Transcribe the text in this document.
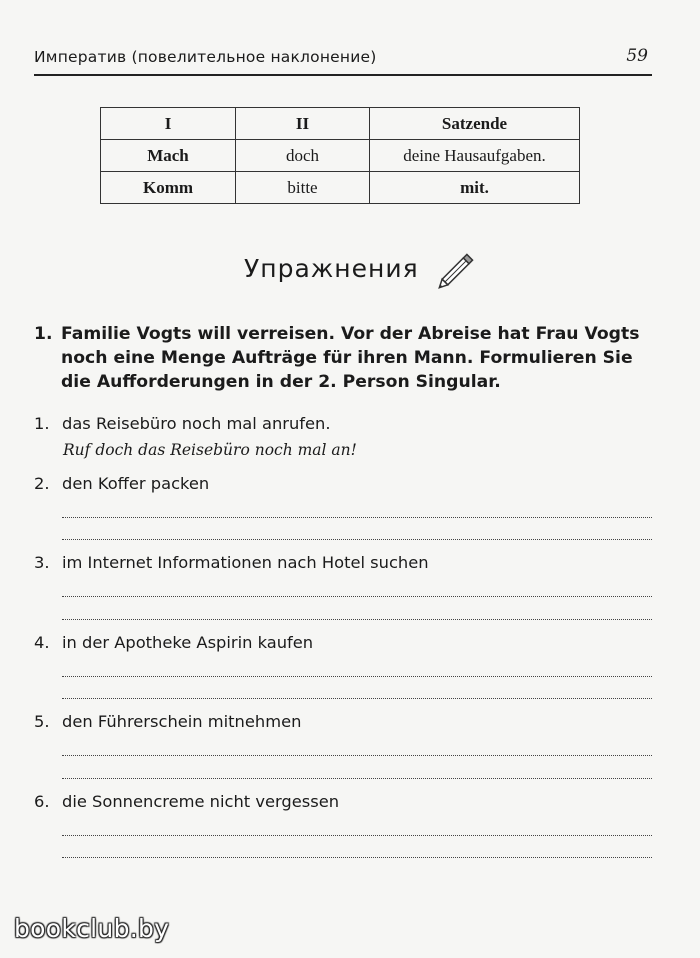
Императив (повелительное наклонение)	59
I	II	Satzende
Mach	doch	deine Hausaufgaben.
Komm	bitte	mit.
Упражнения
1. Familie Vogts will verreisen. Vor der Abreise hat Frau Vogts noch eine Menge Aufträge für ihren Mann. Formulieren Sie die Aufforderungen in der 2. Person Singular.
1. das Reisebüro noch mal anrufen.
Ruf doch das Reisebüro noch mal an!
2. den Koffer packen
3. im Internet Informationen nach Hotel suchen
4. in der Apotheke Aspirin kaufen
5. den Führerschein mitnehmen
6. die Sonnencreme nicht vergessen
bookclub.by
